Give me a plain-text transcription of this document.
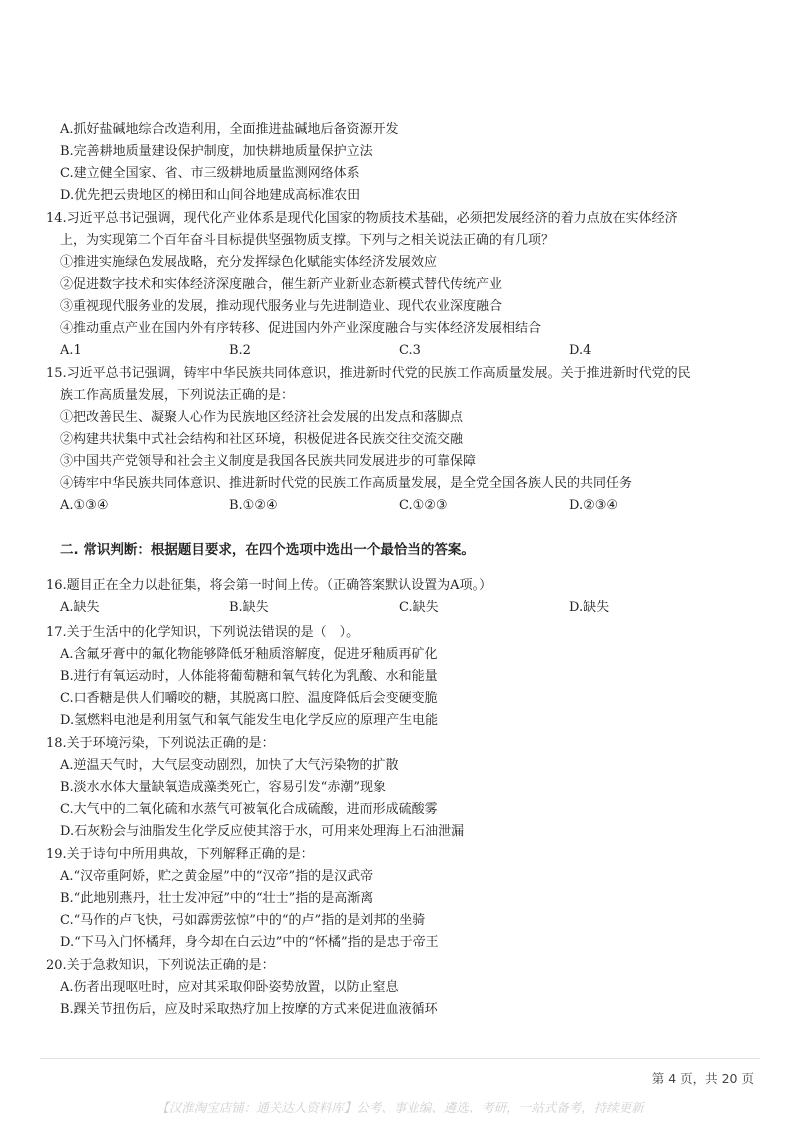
A.抓好盐碱地综合改造利用，全面推进盐碱地后备资源开发
B.完善耕地质量建设保护制度，加快耕地质量保护立法
C.建立健全国家、省、市三级耕地质量监测网络体系
D.优先把云贵地区的梯田和山间谷地建成高标准农田
14.习近平总书记强调，现代化产业体系是现代化国家的物质技术基础，必须把发展经济的着力点放在实体经济
上，为实现第二个百年奋斗目标提供坚强物质支撑。下列与之相关说法正确的有几项？
①推进实施绿色发展战略，充分发挥绿色化赋能实体经济发展效应
②促进数字技术和实体经济深度融合，催生新产业新业态新模式替代传统产业
③重视现代服务业的发展，推动现代服务业与先进制造业、现代农业深度融合
④推动重点产业在国内外有序转移、促进国内外产业深度融合与实体经济发展相结合
A.1	B.2	C.3	D.4
15.习近平总书记强调，铸牢中华民族共同体意识，推进新时代党的民族工作高质量发展。关于推进新时代党的民
族工作高质量发展，下列说法正确的是：
①把改善民生、凝聚人心作为民族地区经济社会发展的出发点和落脚点
②构建共状集中式社会结构和社区环境，积极促进各民族交往交流交融
③中国共产党领导和社会主义制度是我国各民族共同发展进步的可靠保障
④铸牢中华民族共同体意识、推进新时代党的民族工作高质量发展，是全党全国各族人民的共同任务
A.①③④	B.①②④	C.①②③	D.②③④
二. 常识判断：根据题目要求，在四个选项中选出一个最恰当的答案。
16.题目正在全力以赴征集，将会第一时间上传。（正确答案默认设置为A项。）
A.缺失	B.缺失	C.缺失	D.缺失
17.关于生活中的化学知识，下列说法错误的是（　）。
A.含氟牙膏中的氟化物能够降低牙釉质溶解度，促进牙釉质再矿化
B.进行有氧运动时，人体能将葡萄糖和氧气转化为乳酸、水和能量
C.口香糖是供人们嚼咬的糖，其脱离口腔、温度降低后会变硬变脆
D.氢燃料电池是利用氢气和氧气能发生电化学反应的原理产生电能
18.关于环境污染，下列说法正确的是：
A.逆温天气时，大气层变动剧烈，加快了大气污染物的扩散
B.淡水水体大量缺氧造成藻类死亡，容易引发“赤潮”现象
C.大气中的二氧化硫和水蒸气可被氧化合成硫酸，进而形成硫酸雾
D.石灰粉会与油脂发生化学反应使其溶于水，可用来处理海上石油泄漏
19.关于诗句中所用典故，下列解释正确的是：
A.“汉帝重阿娇，贮之黄金屋”中的“汉帝”指的是汉武帝
B.“此地别燕丹，壮士发冲冠”中的“壮士”指的是高渐离
C.“马作的卢飞快，弓如霹雳弦惊”中的“的卢”指的是刘邦的坐骑
D.“下马入门怀橘拜，身今却在白云边”中的“怀橘”指的是忠于帝王
20.关于急救知识，下列说法正确的是：
A.伤者出现呕吐时，应对其采取仰卧姿势放置，以防止窒息
B.踝关节扭伤后，应及时采取热疗加上按摩的方式来促进血液循环
第 4 页，共 20 页
【汉淮淘宝店铺：通关达人资料库】公考、事业编、遴选、考研，一站式备考，持续更新
